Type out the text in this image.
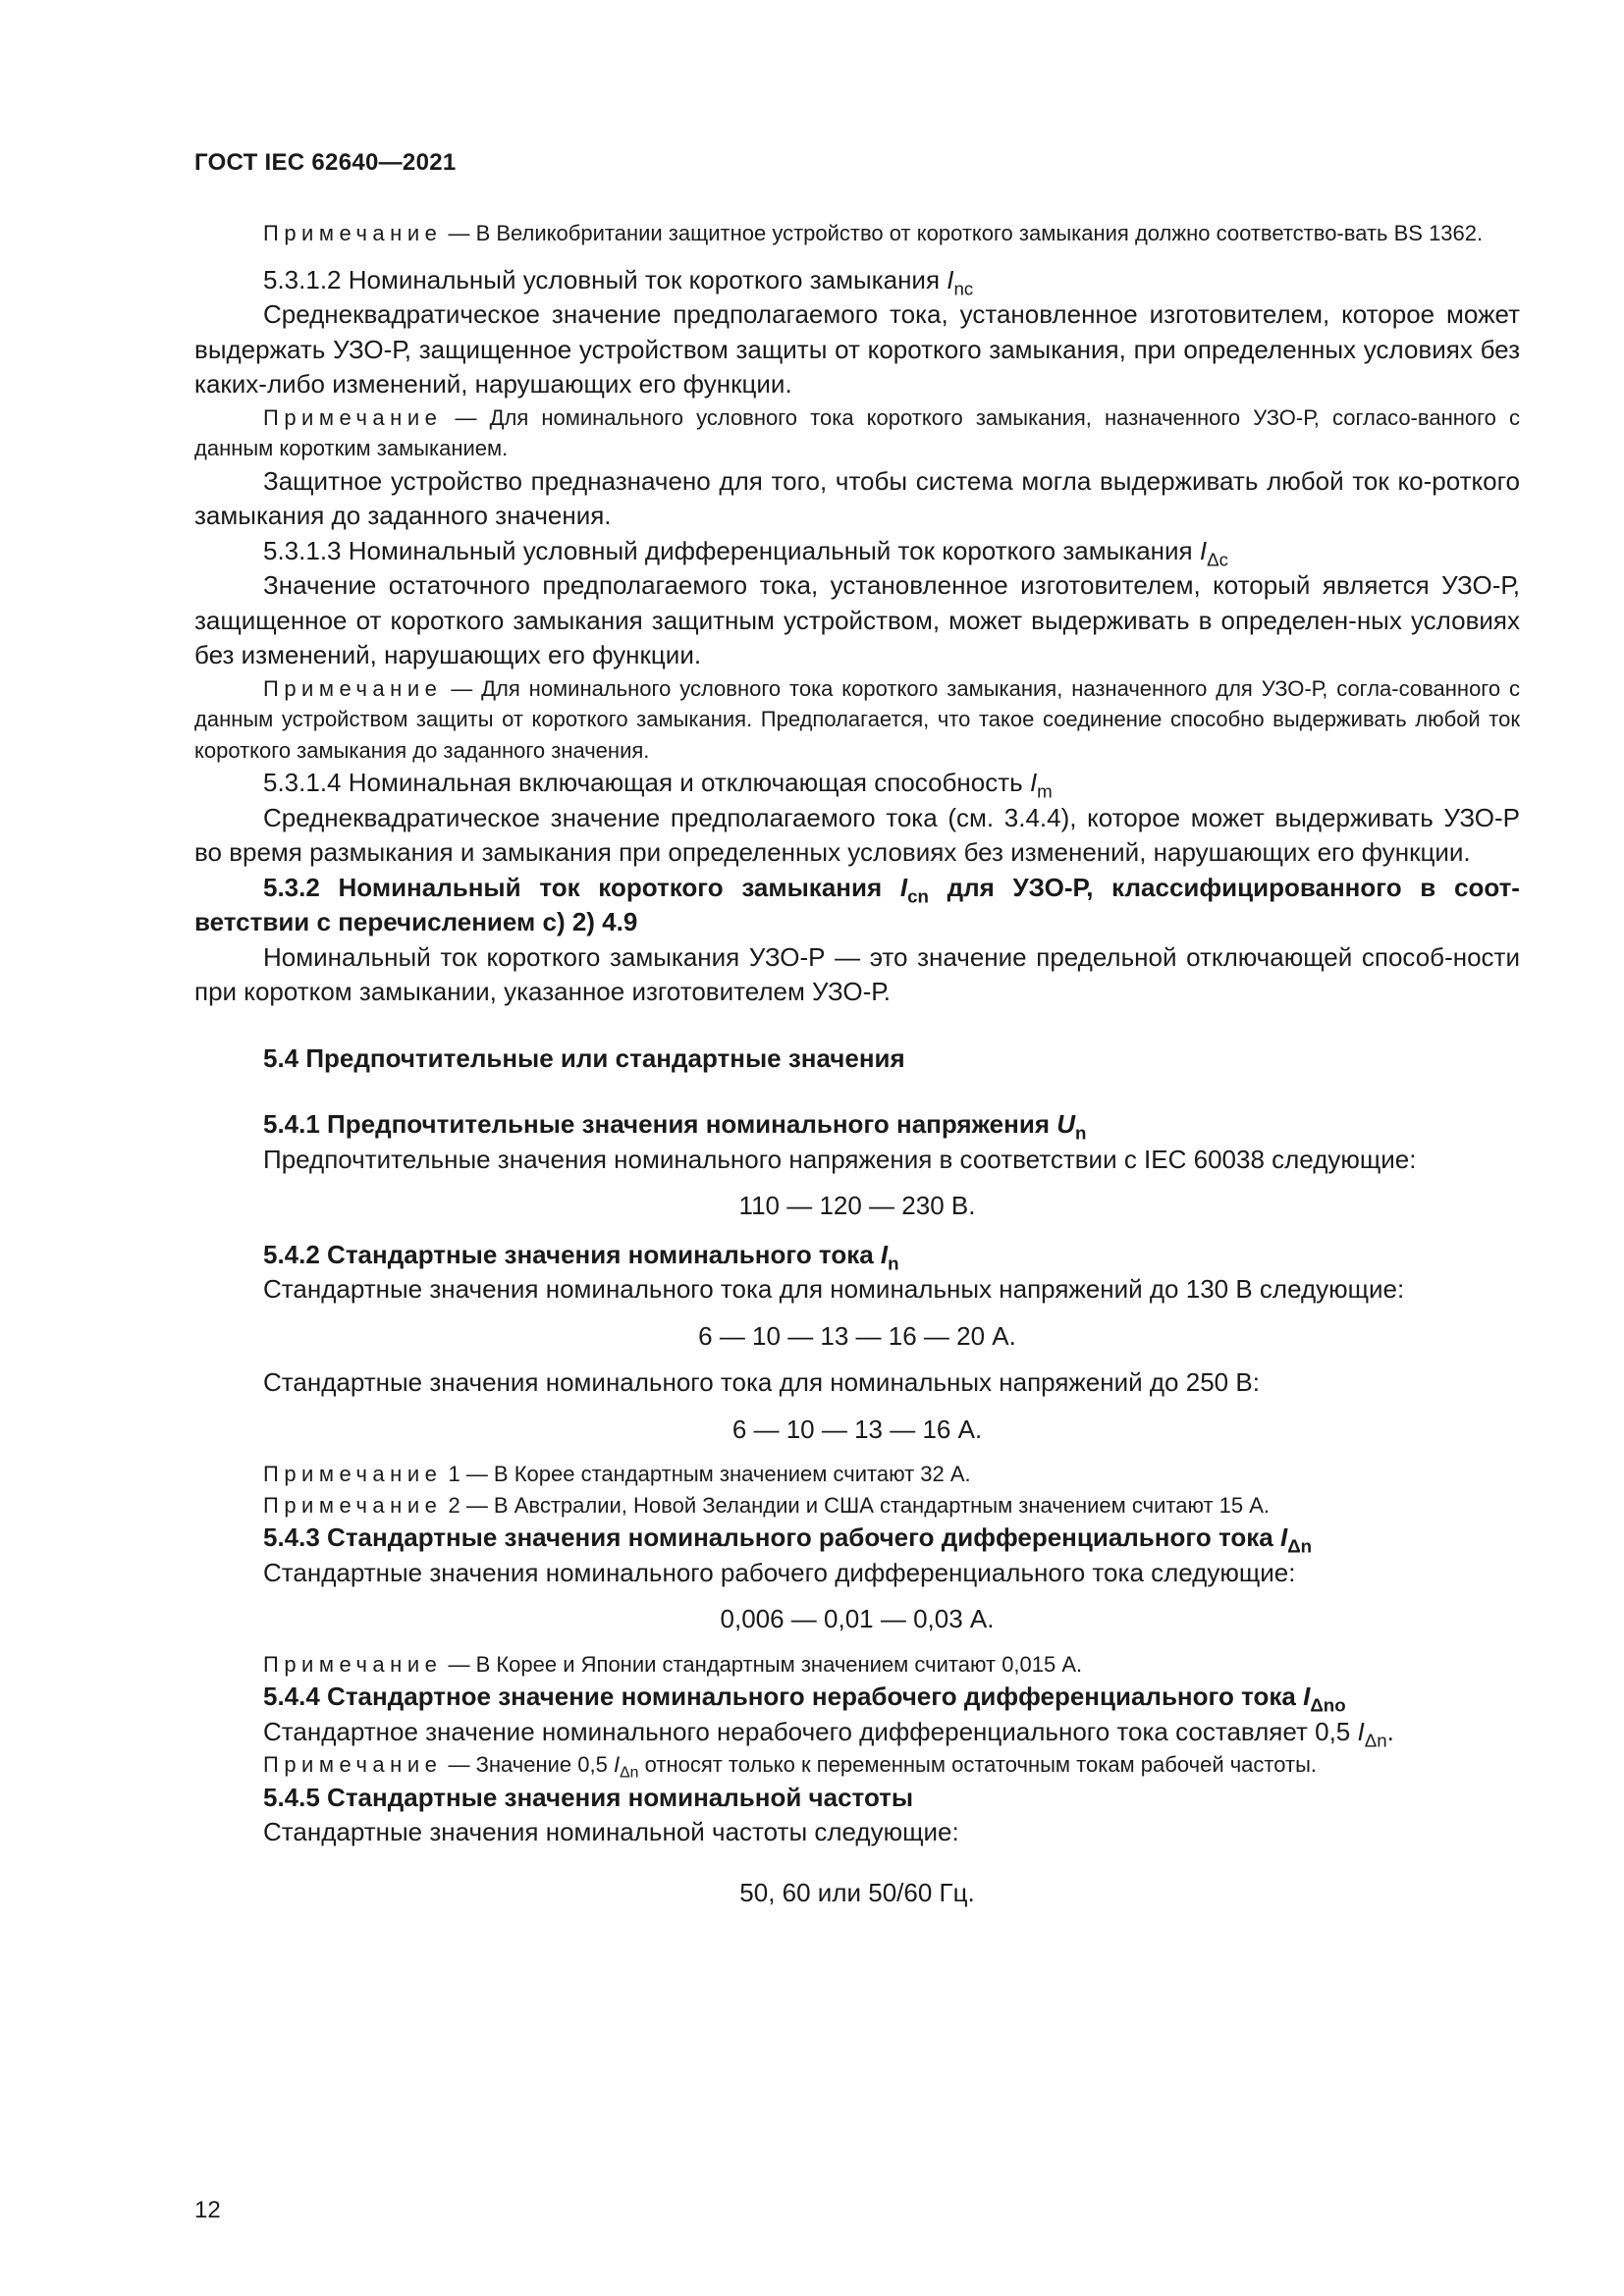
ГОСТ IEC 62640—2021

Примечание — В Великобритании защитное устройство от короткого замыкания должно соответство-вать BS 1362.

5.3.1.2 Номинальный условный ток короткого замыкания $I_{nc}$

Среднеквадратическое значение предполагаемого тока, установленное изготовителем, которое может выдержать УЗО-Р, защищенное устройством защиты от короткого замыкания, при определенных условиях без каких-либо изменений, нарушающих его функции.

Примечание — Для номинального условного тока короткого замыкания, назначенного УЗО-Р, согласо-ванного с данным коротким замыканием.

Защитное устройство предназначено для того, чтобы система могла выдерживать любой ток ко-роткого замыкания до заданного значения.

5.3.1.3 Номинальный условный дифференциальный ток короткого замыкания $I_{\Delta c}$

Значение остаточного предполагаемого тока, установленное изготовителем, который является УЗО-Р, защищенное от короткого замыкания защитным устройством, может выдерживать в определен-ных условиях без изменений, нарушающих его функции.

Примечание — Для номинального условного тока короткого замыкания, назначенного для УЗО-Р, согла-сованного с данным устройством защиты от короткого замыкания. Предполагается, что такое соединение способно выдерживать любой ток короткого замыкания до заданного значения.

5.3.1.4 Номинальная включающая и отключающая способность $I_m$

Среднеквадратическое значение предполагаемого тока (см. 3.4.4), которое может выдерживать УЗО-Р во время размыкания и замыкания при определенных условиях без изменений, нарушающих его функции.

5.3.2 Номинальный ток короткого замыкания $I_{cn}$ для УЗО-Р, классифицированного в соот-ветствии с перечислением с) 2) 4.9

Номинальный ток короткого замыкания УЗО-Р — это значение предельной отключающей способ-ности при коротком замыкании, указанное изготовителем УЗО-Р.

5.4 Предпочтительные или стандартные значения

5.4.1 Предпочтительные значения номинального напряжения $U_n$

Предпочтительные значения номинального напряжения в соответствии с IEC 60038 следующие:

110 — 120 — 230 В.

5.4.2 Стандартные значения номинального тока $I_n$

Стандартные значения номинального тока для номинальных напряжений до 130 В следующие:

6 — 10 — 13 — 16 — 20 А.

Стандартные значения номинального тока для номинальных напряжений до 250 В:

6 — 10 — 13 — 16 А.

Примечание 1 — В Корее стандартным значением считают 32 А.

Примечание 2 — В Австралии, Новой Зеландии и США стандартным значением считают 15 А.

5.4.3 Стандартные значения номинального рабочего дифференциального тока $I_{\Delta n}$

Стандартные значения номинального рабочего дифференциального тока следующие:

0,006 — 0,01 — 0,03 А.

Примечание — В Корее и Японии стандартным значением считают 0,015 А.

5.4.4 Стандартное значение номинального нерабочего дифференциального тока $I_{\Delta no}$

Стандартное значение номинального нерабочего дифференциального тока составляет 0,5 $I_{\Delta n}$.

Примечание — Значение 0,5 $I_{\Delta n}$ относят только к переменным остаточным токам рабочей частоты.

5.4.5 Стандартные значения номинальной частоты

Стандартные значения номинальной частоты следующие:

50, 60 или 50/60 Гц.

12
